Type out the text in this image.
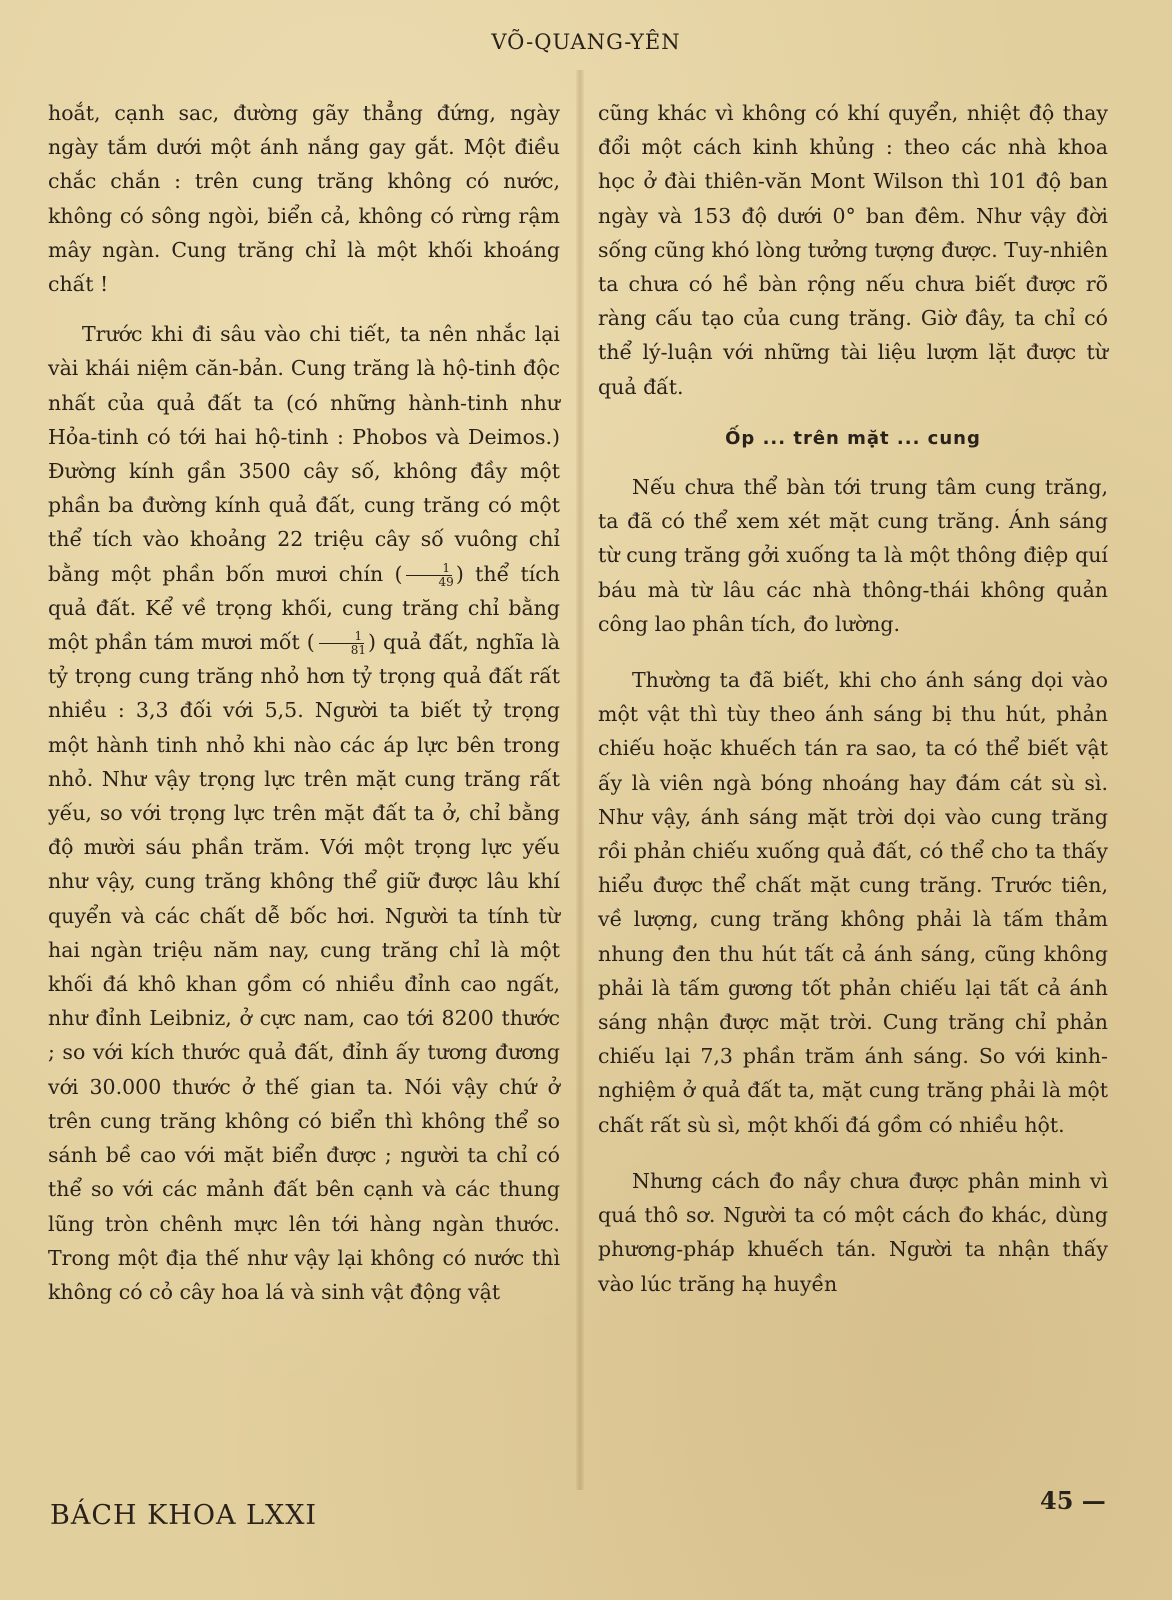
VÕ-QUANG-YÊN

hoắt, cạnh sac, đường gãy thẳng đứng, ngày ngày tắm dưới một ánh nắng gay gắt. Một điều chắc chắn : trên cung trăng không có nước, không có sông ngòi, biển cả, không có rừng rậm mây ngàn. Cung trăng chỉ là một khối khoáng chất !

Trước khi đi sâu vào chi tiết, ta nên nhắc lại vài khái niệm căn-bản. Cung trăng là hộ-tinh độc nhất của quả đất ta (có những hành-tinh như Hỏa-tinh có tới hai hộ-tinh : Phobos và Deimos.) Đường kính gần 3500 cây số, không đầy một phần ba đường kính quả đất, cung trăng có một thể tích vào khoảng 22 triệu cây số vuông chỉ bằng một phần bốn mươi chín ( $\frac{1}{49}$ ) thể tích quả đất. Kể về trọng khối, cung trăng chỉ bằng một phần tám mươi mốt ( $\frac{1}{81}$ ) quả đất, nghĩa là tỷ trọng cung trăng nhỏ hơn tỷ trọng quả đất rất nhiều : 3,3 đối với 5,5. Người ta biết tỷ trọng một hành tinh nhỏ khi nào các áp lực bên trong nhỏ. Như vậy trọng lực trên mặt cung trăng rất yếu, so với trọng lực trên mặt đất ta ở, chỉ bằng độ mười sáu phần trăm. Với một trọng lực yếu như vậy, cung trăng không thể giữ được lâu khí quyển và các chất dễ bốc hơi. Người ta tính từ hai ngàn triệu năm nay, cung trăng chỉ là một khối đá khô khan gồm có nhiều đỉnh cao ngất, như đỉnh Leibniz, ở cực nam, cao tới 8200 thước ; so với kích thước quả đất, đỉnh ấy tương đương với 30.000 thước ở thế gian ta. Nói vậy chứ ở trên cung trăng không có biển thì không thể so sánh bề cao với mặt biển được ; người ta chỉ có thể so với các mảnh đất bên cạnh và các thung lũng tròn chênh mực lên tới hàng ngàn thước. Trong một địa thế như vậy lại không có nước thì không có cỏ cây hoa lá và sinh vật động vật

cũng khác vì không có khí quyển, nhiệt độ thay đổi một cách kinh khủng : theo các nhà khoa học ở đài thiên-văn Mont Wilson thì 101 độ ban ngày và 153 độ dưới 0° ban đêm. Như vậy đời sống cũng khó lòng tưởng tượng được. Tuy-nhiên ta chưa có hề bàn rộng nếu chưa biết được rõ ràng cấu tạo của cung trăng. Giờ đây, ta chỉ có thể lý-luận với những tài liệu lượm lặt được từ quả đất.

Ốp ... trên mặt ... cung

Nếu chưa thể bàn tới trung tâm cung trăng, ta đã có thể xem xét mặt cung trăng. Ánh sáng từ cung trăng gởi xuống ta là một thông điệp quí báu mà từ lâu các nhà thông-thái không quản công lao phân tích, đo lường.

Thường ta đã biết, khi cho ánh sáng dọi vào một vật thì tùy theo ánh sáng bị thu hút, phản chiếu hoặc khuếch tán ra sao, ta có thể biết vật ấy là viên ngà bóng nhoáng hay đám cát sù sì. Như vậy, ánh sáng mặt trời dọi vào cung trăng rồi phản chiếu xuống quả đất, có thể cho ta thấy hiểu được thể chất mặt cung trăng. Trước tiên, về lượng, cung trăng không phải là tấm thảm nhung đen thu hút tất cả ánh sáng, cũng không phải là tấm gương tốt phản chiếu lại tất cả ánh sáng nhận được mặt trời. Cung trăng chỉ phản chiếu lại 7,3 phần trăm ánh sáng. So với kinh-nghiệm ở quả đất ta, mặt cung trăng phải là một chất rất sù sì, một khối đá gồm có nhiều hột.

Nhưng cách đo nầy chưa được phân minh vì quá thô sơ. Người ta có một cách đo khác, dùng phương-pháp khuếch tán. Người ta nhận thấy vào lúc trăng hạ huyền

BÁCH KHOA LXXI	45 —
